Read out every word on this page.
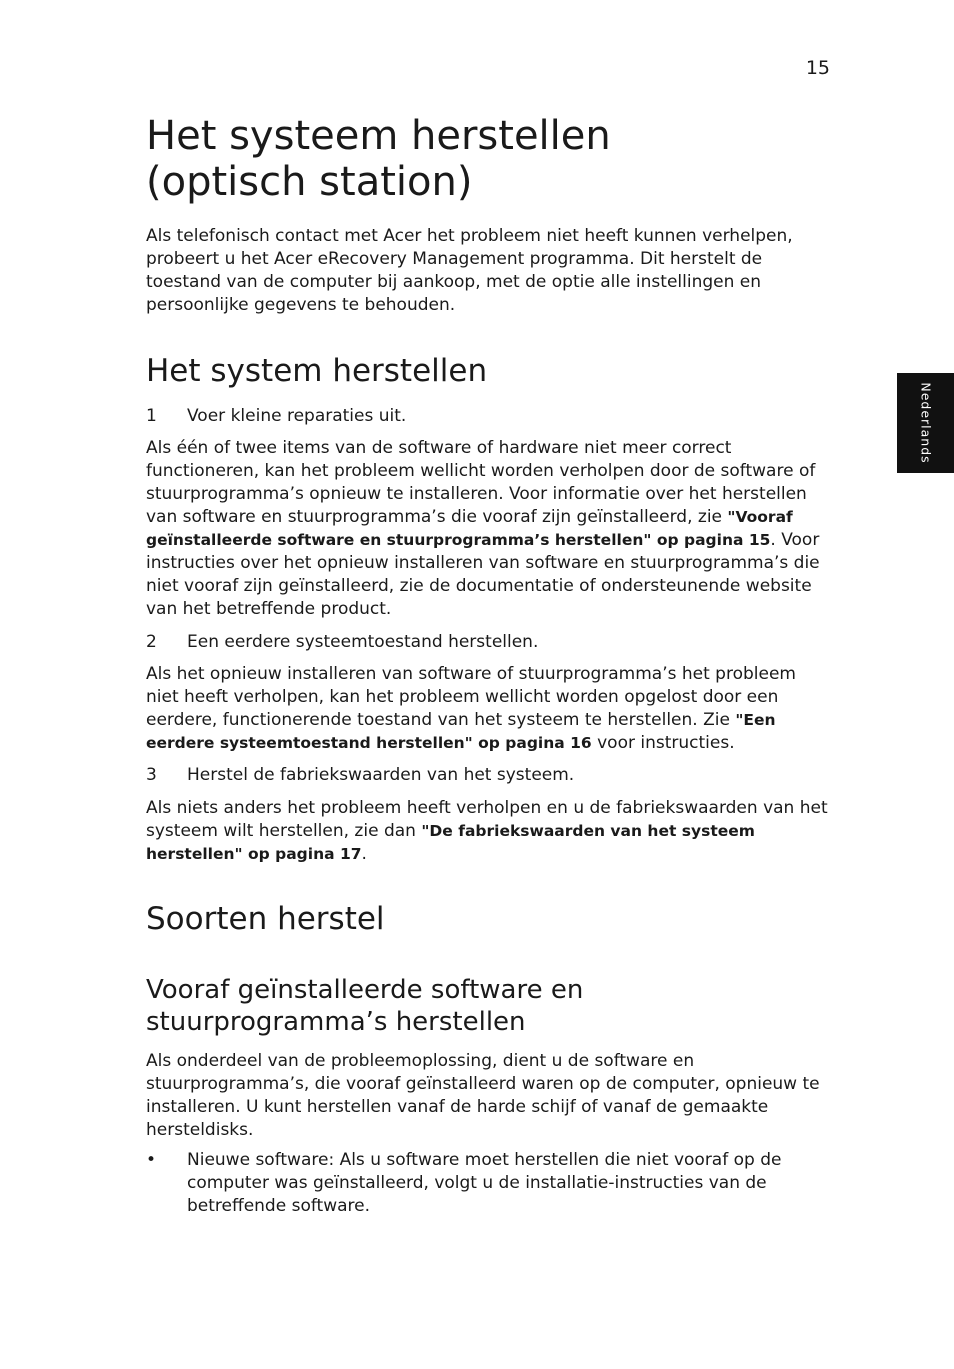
15
Nederlands
Het systeem herstellen
(optisch station)

Als telefonisch contact met Acer het probleem niet heeft kunnen verhelpen, probeert u het Acer eRecovery Management programma. Dit herstelt de toestand van de computer bij aankoop, met de optie alle instellingen en persoonlijke gegevens te behouden.

Het system herstellen
1	Voer kleine reparaties uit.

Als één of twee items van de software of hardware niet meer correct functioneren, kan het probleem wellicht worden verholpen door de software of stuurprogramma’s opnieuw te installeren. Voor informatie over het herstellen van software en stuurprogramma’s die vooraf zijn geïnstalleerd, zie "Vooraf geïnstalleerde software en stuurprogramma’s herstellen" op pagina 15. Voor instructies over het opnieuw installeren van software en stuurprogramma’s die niet vooraf zijn geïnstalleerd, zie de documentatie of ondersteunende website van het betreffende product.

2	Een eerdere systeemtoestand herstellen.

Als het opnieuw installeren van software of stuurprogramma’s het probleem niet heeft verholpen, kan het probleem wellicht worden opgelost door een eerdere, functionerende toestand van het systeem te herstellen. Zie "Een eerdere systeemtoestand herstellen" op pagina 16 voor instructies.

3	Herstel de fabriekswaarden van het systeem.

Als niets anders het probleem heeft verholpen en u de fabriekswaarden van het systeem wilt herstellen, zie dan "De fabriekswaarden van het systeem herstellen" op pagina 17.

Soorten herstel
Vooraf geïnstalleerde software en stuurprogramma’s herstellen

Als onderdeel van de probleemoplossing, dient u de software en stuurprogramma’s, die vooraf geïnstalleerd waren op de computer, opnieuw te installeren. U kunt herstellen vanaf de harde schijf of vanaf de gemaakte hersteldisks.

•	Nieuwe software: Als u software moet herstellen die niet vooraf op de computer was geïnstalleerd, volgt u de installatie-instructies van de betreffende software.
